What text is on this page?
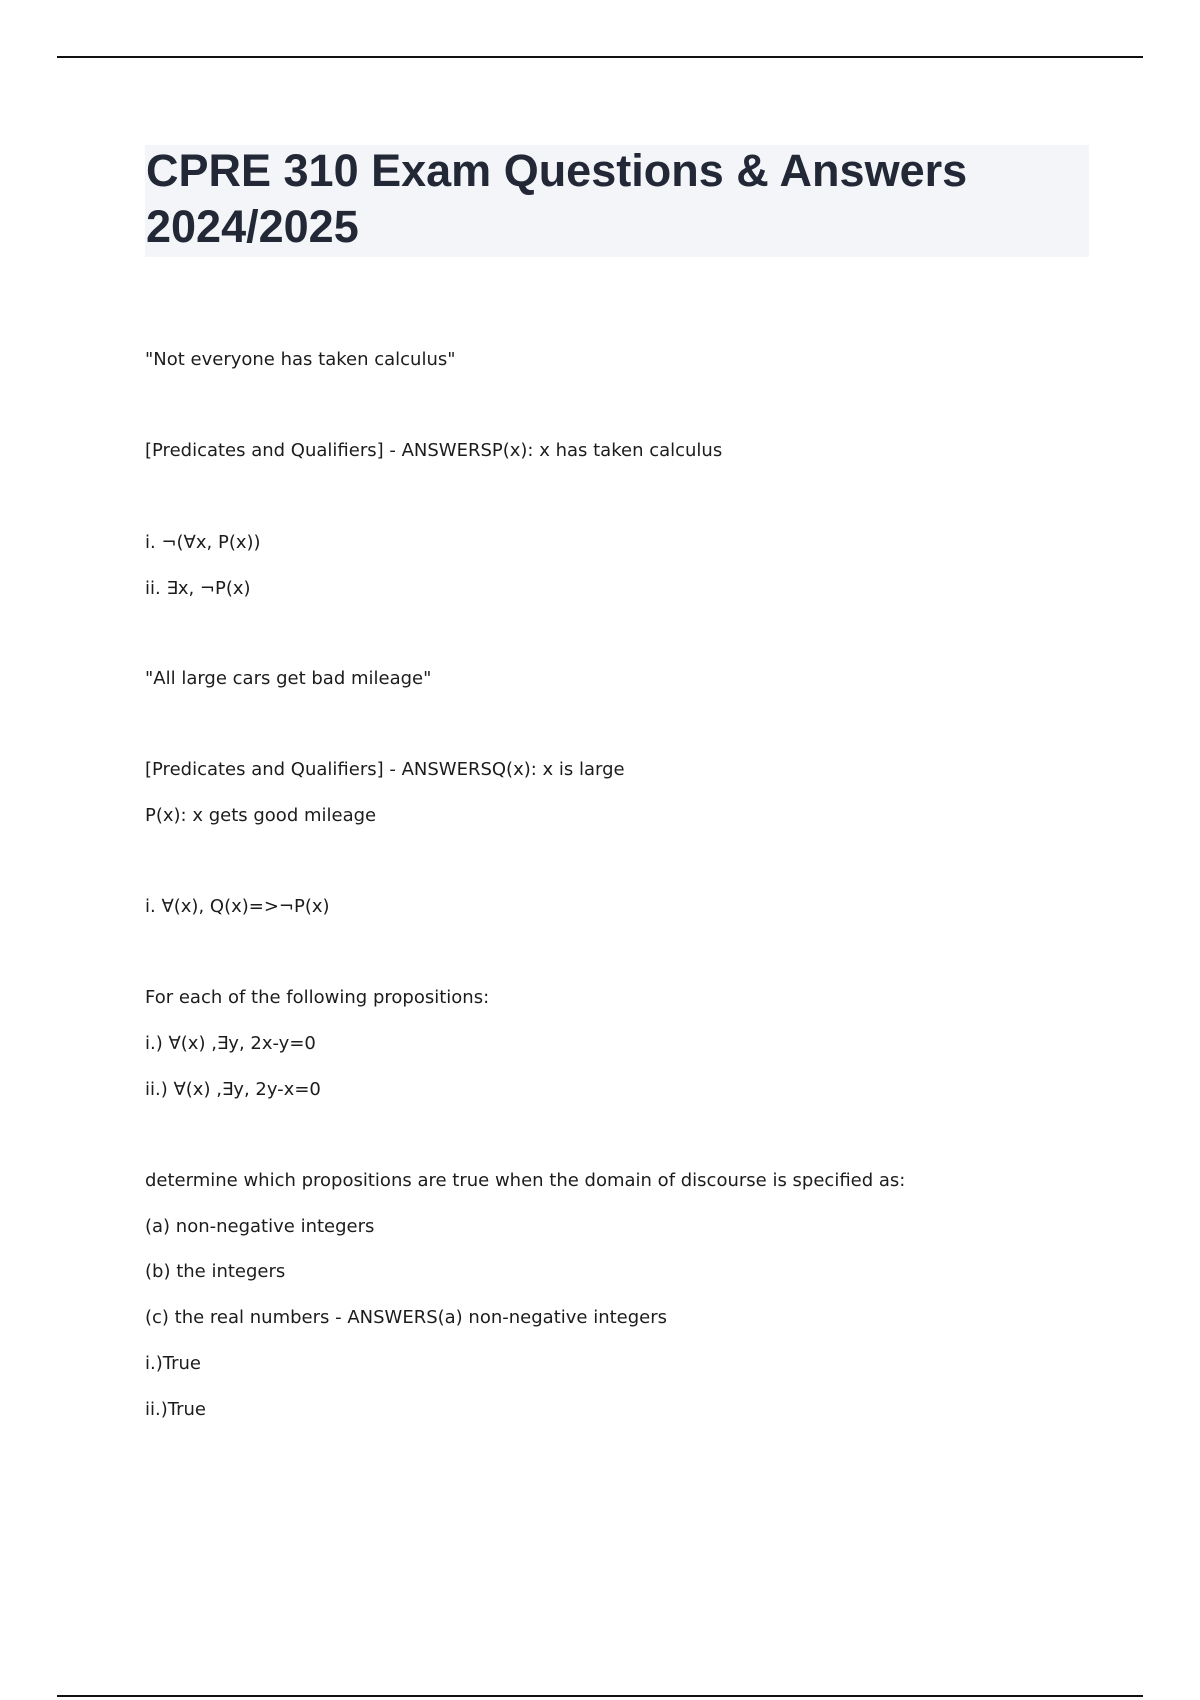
CPRE 310 Exam Questions & Answers 2024/2025

"Not everyone has taken calculus"

[Predicates and Qualifiers] - ANSWERSP(x): x has taken calculus

i. ¬(∀x, P(x))

ii. ∃x, ¬P(x)

"All large cars get bad mileage"

[Predicates and Qualifiers] - ANSWERSQ(x): x is large

P(x): x gets good mileage

i. ∀(x), Q(x)=>¬P(x)

For each of the following propositions:

i.) ∀(x) ,∃y, 2x-y=0

ii.) ∀(x) ,∃y, 2y-x=0

determine which propositions are true when the domain of discourse is specified as:

(a) non-negative integers

(b) the integers

(c) the real numbers - ANSWERS(a) non-negative integers

i.)True

ii.)True
